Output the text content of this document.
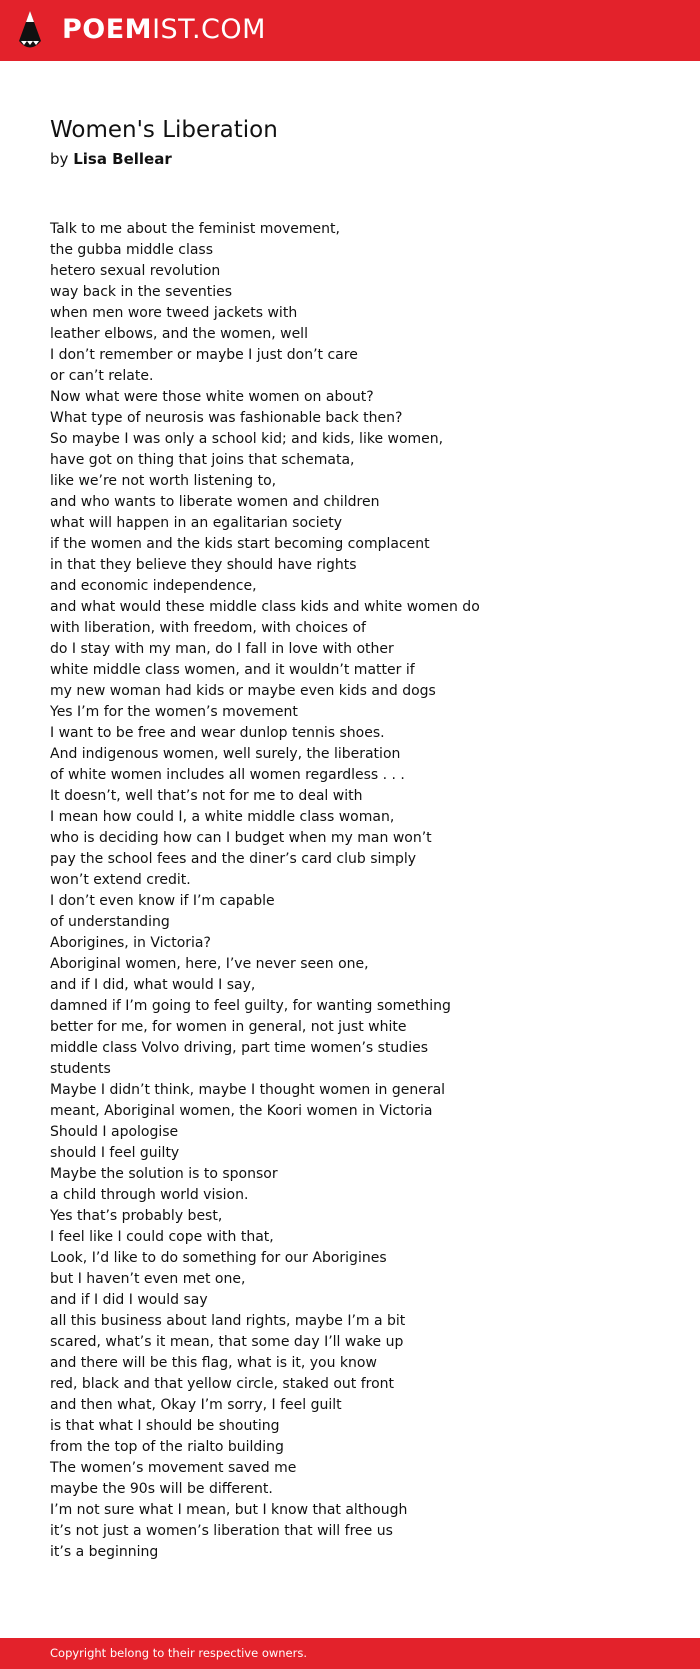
POEMIST.COM
Women's Liberation
by Lisa Bellear
Talk to me about the feminist movement,
the gubba middle class
hetero sexual revolution
way back in the seventies
when men wore tweed jackets with
leather elbows, and the women, well
I don’t remember or maybe I just don’t care
or can’t relate.
Now what were those white women on about?
What type of neurosis was fashionable back then?
So maybe I was only a school kid; and kids, like women,
have got on thing that joins that schemata,
like we’re not worth listening to,
and who wants to liberate women and children
what will happen in an egalitarian society
if the women and the kids start becoming complacent
in that they believe they should have rights
and economic independence,
and what would these middle class kids and white women do
with liberation, with freedom, with choices of
do I stay with my man, do I fall in love with other
white middle class women, and it wouldn’t matter if
my new woman had kids or maybe even kids and dogs
Yes I’m for the women’s movement
I want to be free and wear dunlop tennis shoes.
And indigenous women, well surely, the liberation
of white women includes all women regardless . . .
It doesn’t, well that’s not for me to deal with
I mean how could I, a white middle class woman,
who is deciding how can I budget when my man won’t
pay the school fees and the diner’s card club simply
won’t extend credit.
I don’t even know if I’m capable
of understanding
Aborigines, in Victoria?
Aboriginal women, here, I’ve never seen one,
and if I did, what would I say,
damned if I’m going to feel guilty, for wanting something
better for me, for women in general, not just white
middle class Volvo driving, part time women’s studies
students
Maybe I didn’t think, maybe I thought women in general
meant, Aboriginal women, the Koori women in Victoria
Should I apologise
should I feel guilty
Maybe the solution is to sponsor
a child through world vision.
Yes that’s probably best,
I feel like I could cope with that,
Look, I’d like to do something for our Aborigines
but I haven’t even met one,
and if I did I would say
all this business about land rights, maybe I’m a bit
scared, what’s it mean, that some day I’ll wake up
and there will be this flag, what is it, you know
red, black and that yellow circle, staked out front
and then what, Okay I’m sorry, I feel guilt
is that what I should be shouting
from the top of the rialto building
The women’s movement saved me
maybe the 90s will be different.
I’m not sure what I mean, but I know that although
it’s not just a women’s liberation that will free us
it’s a beginning
Copyright belong to their respective owners.
